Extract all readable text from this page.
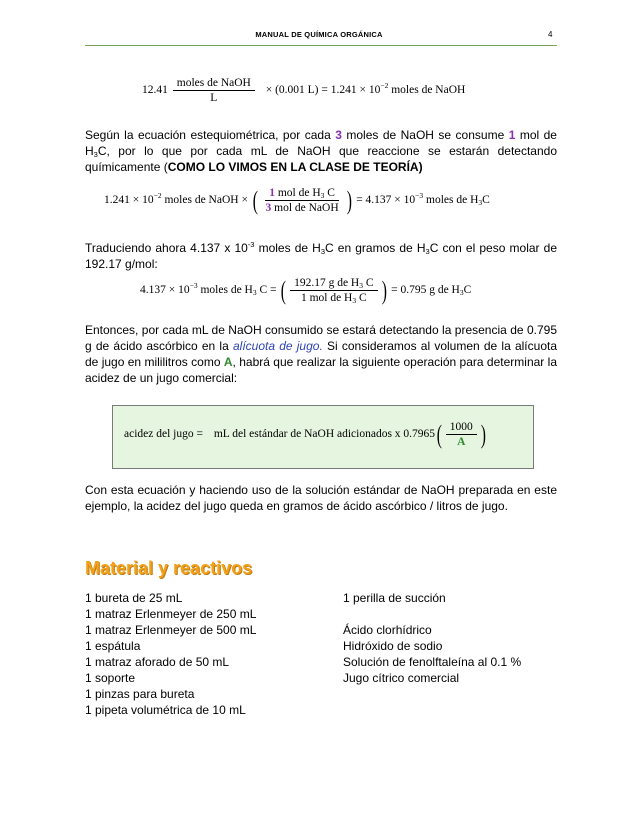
MANUAL DE QUÍMICA ORGÁNICA	4
$12.41 \frac{\text{moles de NaOH}}{L} \times (0.001$ $L) = 1.241 \times 10^{-2}$ moles de NaOH
Según la ecuación estequiométrica, por cada 3 moles de NaOH se consume 1 mol de $H_3C$, por lo que por cada mL de NaOH que reaccione se estarán detectando químicamente (COMO LO VIMOS EN LA CLASE DE TEORÍA)
$1.241 \times 10^{-2}$ moles de NaOH × ( $\frac{1 mol de H_3 C}{\text{3 mol de NaOH}}$ ) = $4.137 \times 10^{-3}$ moles de $H_3C$
Traduciendo ahora 4.137 x $10^{-3}$ moles de $H_3C$ en gramos de $H_3C$ con el peso molar de 192.17 g/mol:
$4.137 \times 10^{-3}$ moles de $H_3$ C = ( $\frac{192.17 g de H_3 C}{1 mol de H_3 C}$ ) = 0.795 g de $H_3C$
Entonces, por cada mL de NaOH consumido se estará detectando la presencia de 0.795 g de ácido ascórbico en la alícuota de jugo. Si consideramos al volumen de la alícuota de jugo en mililitros como A, habrá que realizar la siguiente operación para determinar la acidez de un jugo comercial:
acidez del jugo = mL del estándar de NaOH adicionados x $0.7965( \frac{1000}{A}$ )
Con esta ecuación y haciendo uso de la solución estándar de NaOH preparada en este ejemplo, la acidez del jugo queda en gramos de ácido ascórbico / litros de jugo.
Material y reactivos
1 bureta de 25 mL
1 matraz Erlenmeyer de 250 mL
1 matraz Erlenmeyer de 500 mL
1 espátula
1 matraz aforado de 50 mL
1 soporte
1 pinzas para bureta
1 pipeta volumétrica de 10 mL
1 perilla de succión
Ácido clorhídrico
Hidróxido de sodio
Solución de fenolftaleína al 0.1 %
Jugo cítrico comercial
